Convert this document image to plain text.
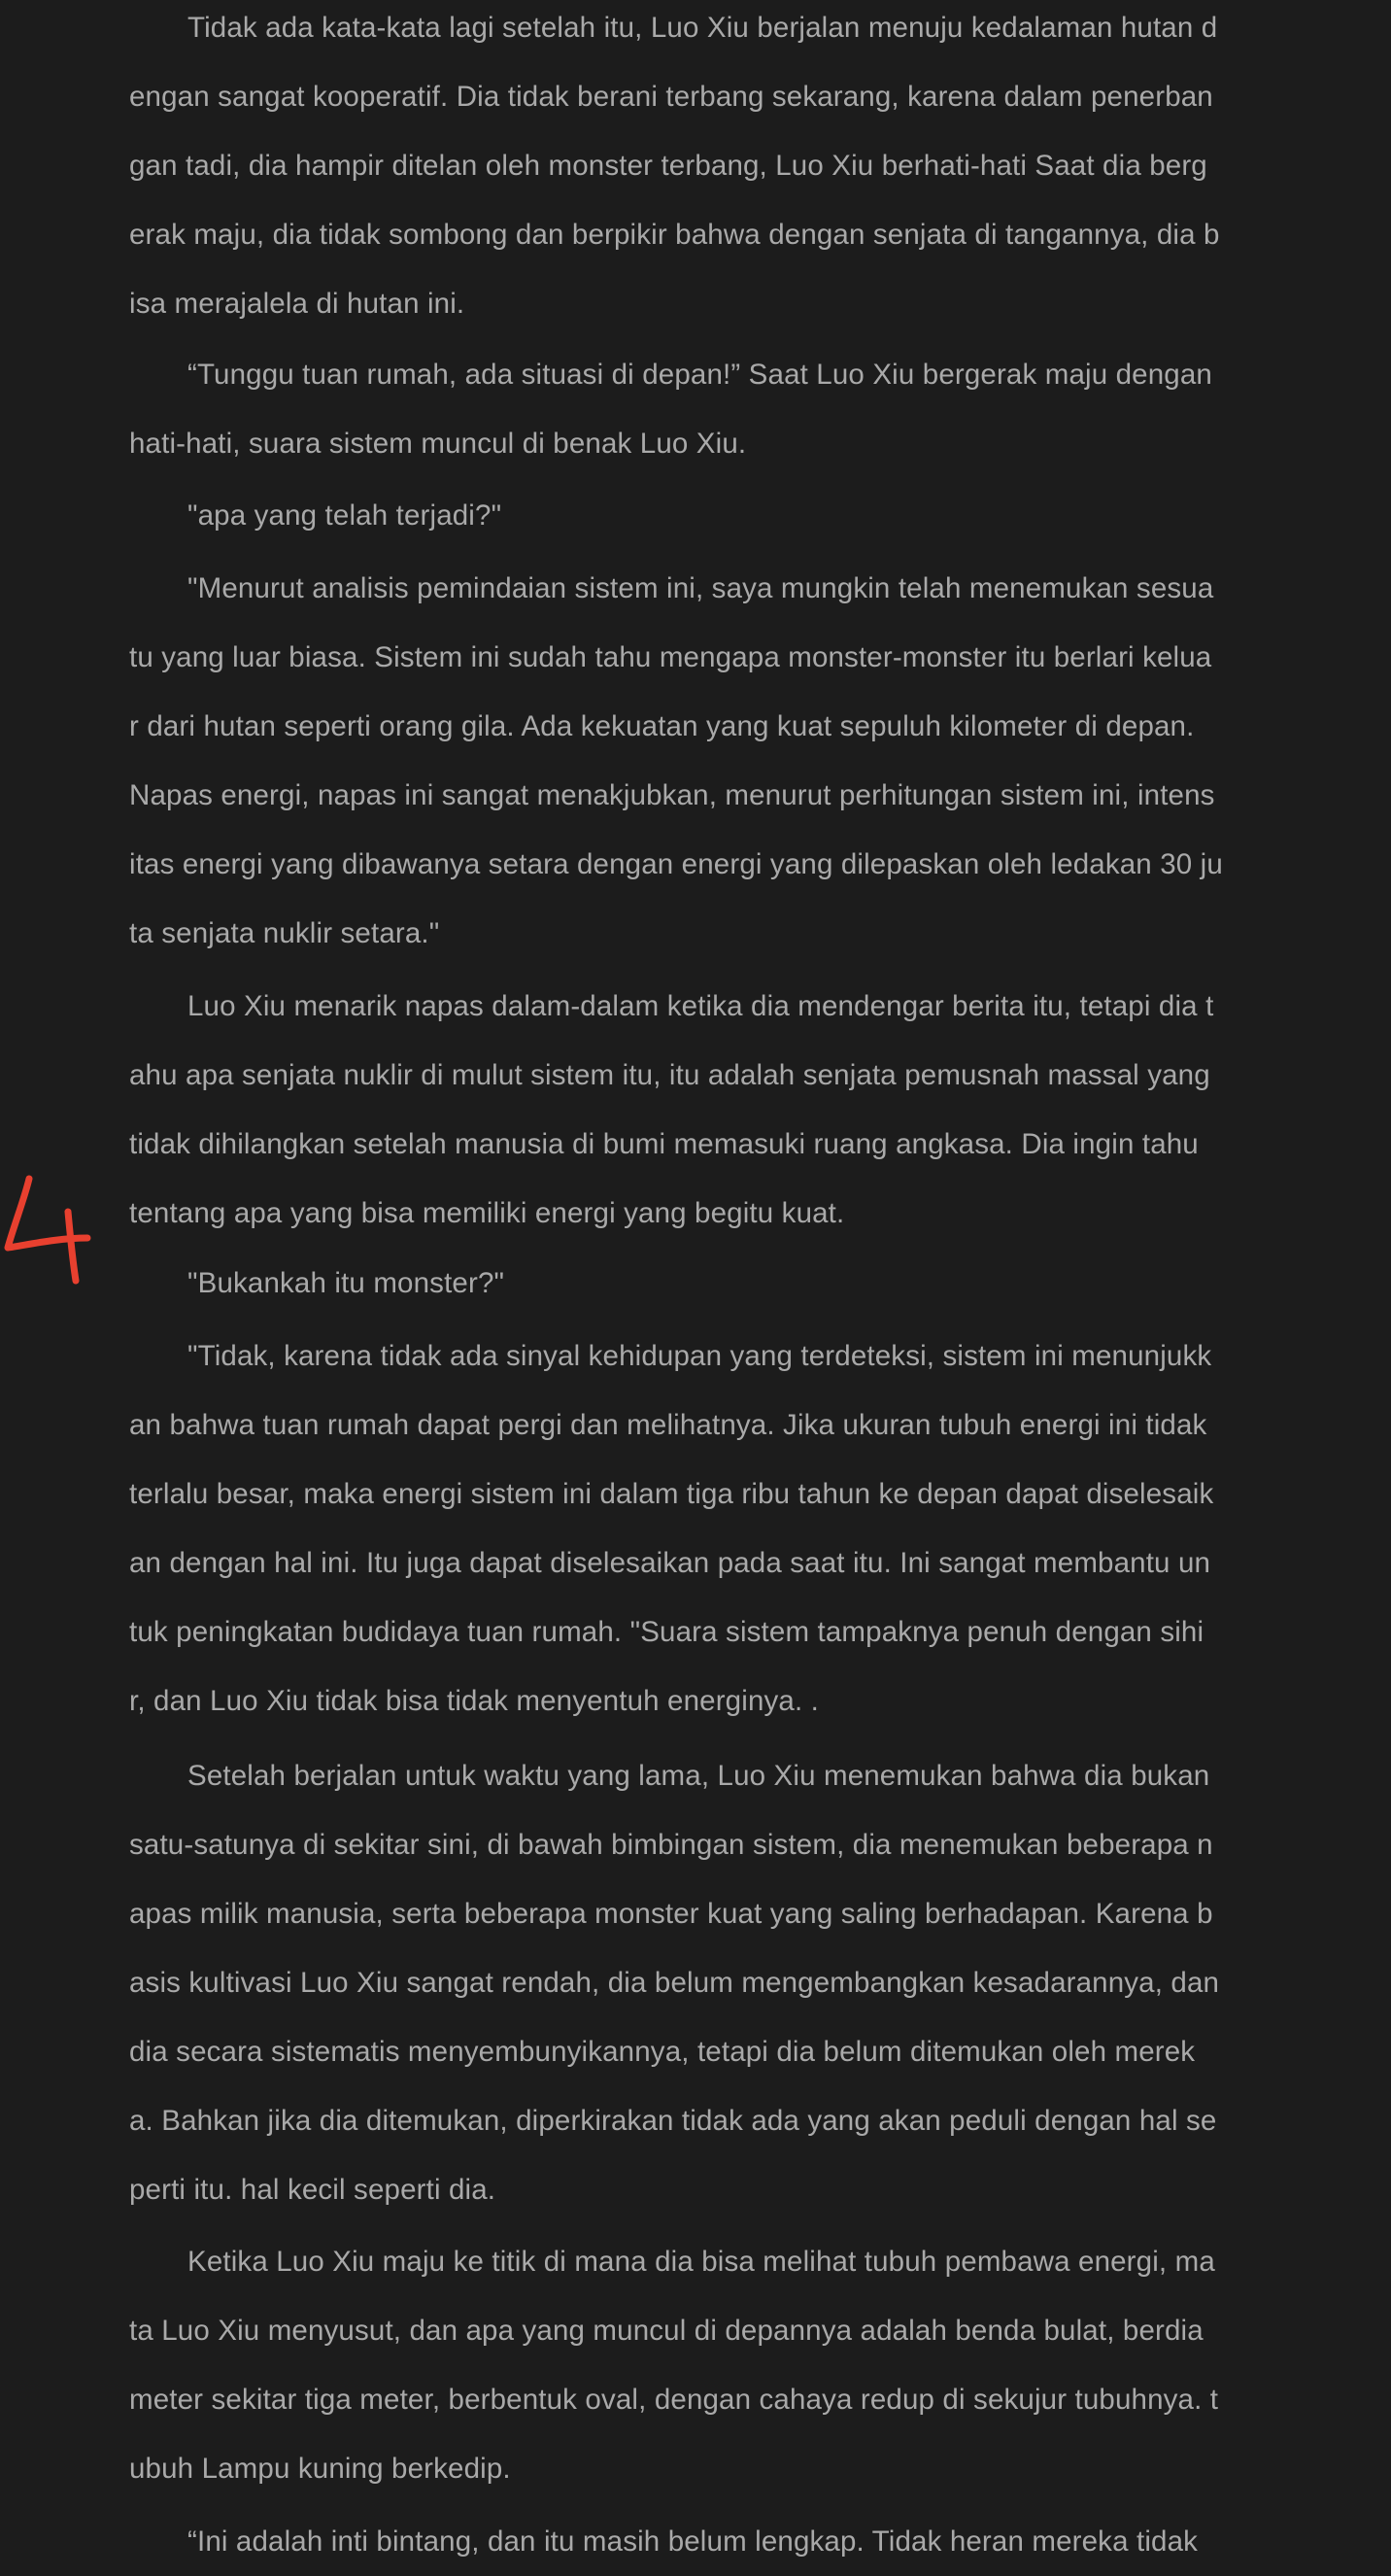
Tidak ada kata-kata lagi setelah itu, Luo Xiu berjalan menuju kedalaman hutan d
engan sangat kooperatif. Dia tidak berani terbang sekarang, karena dalam penerban
gan tadi, dia hampir ditelan oleh monster terbang, Luo Xiu berhati-hati Saat dia berg
erak maju, dia tidak sombong dan berpikir bahwa dengan senjata di tangannya, dia b
isa merajalela di hutan ini.
“Tunggu tuan rumah, ada situasi di depan!” Saat Luo Xiu bergerak maju dengan
hati-hati, suara sistem muncul di benak Luo Xiu.
"apa yang telah terjadi?"
"Menurut analisis pemindaian sistem ini, saya mungkin telah menemukan sesua
tu yang luar biasa. Sistem ini sudah tahu mengapa monster-monster itu berlari kelua
r dari hutan seperti orang gila. Ada kekuatan yang kuat sepuluh kilometer di depan.
Napas energi, napas ini sangat menakjubkan, menurut perhitungan sistem ini, intens
itas energi yang dibawanya setara dengan energi yang dilepaskan oleh ledakan 30 ju
ta senjata nuklir setara."
Luo Xiu menarik napas dalam-dalam ketika dia mendengar berita itu, tetapi dia t
ahu apa senjata nuklir di mulut sistem itu, itu adalah senjata pemusnah massal yang
tidak dihilangkan setelah manusia di bumi memasuki ruang angkasa. Dia ingin tahu
tentang apa yang bisa memiliki energi yang begitu kuat.
"Bukankah itu monster?"
"Tidak, karena tidak ada sinyal kehidupan yang terdeteksi, sistem ini menunjukk
an bahwa tuan rumah dapat pergi dan melihatnya. Jika ukuran tubuh energi ini tidak
terlalu besar, maka energi sistem ini dalam tiga ribu tahun ke depan dapat diselesaik
an dengan hal ini. Itu juga dapat diselesaikan pada saat itu. Ini sangat membantu un
tuk peningkatan budidaya tuan rumah. "Suara sistem tampaknya penuh dengan sihi
r, dan Luo Xiu tidak bisa tidak menyentuh energinya. .
Setelah berjalan untuk waktu yang lama, Luo Xiu menemukan bahwa dia bukan
satu-satunya di sekitar sini, di bawah bimbingan sistem, dia menemukan beberapa n
apas milik manusia, serta beberapa monster kuat yang saling berhadapan. Karena b
asis kultivasi Luo Xiu sangat rendah, dia belum mengembangkan kesadarannya, dan
dia secara sistematis menyembunyikannya, tetapi dia belum ditemukan oleh merek
a. Bahkan jika dia ditemukan, diperkirakan tidak ada yang akan peduli dengan hal se
perti itu. hal kecil seperti dia.
Ketika Luo Xiu maju ke titik di mana dia bisa melihat tubuh pembawa energi, ma
ta Luo Xiu menyusut, dan apa yang muncul di depannya adalah benda bulat, berdia
meter sekitar tiga meter, berbentuk oval, dengan cahaya redup di sekujur tubuhnya. t
ubuh Lampu kuning berkedip.
“Ini adalah inti bintang, dan itu masih belum lengkap. Tidak heran mereka tidak
